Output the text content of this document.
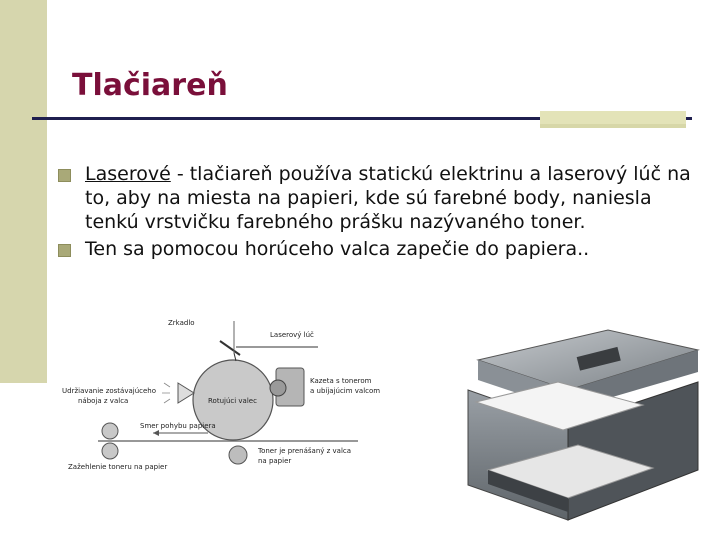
Tlačiareň
Laserové - tlačiareň používa statickú elektrinu a laserový lúč na to, aby na miesta na papieri, kde sú farebné body, naniesla tenkú vrstvičku farebného prášku nazývaného toner.
Ten sa pomocou horúceho valca zapečie do papiera..
Zrkadlo
Laserový lúč
Rotujúci valec
Kazeta s tonerom
a ubíjajúcim valcom
Udržiavanie zostávajúceho
náboja z valca
Smer pohybu papiera
Toner je prenášaný z valca
na papier
Zažehlenie toneru na papier
